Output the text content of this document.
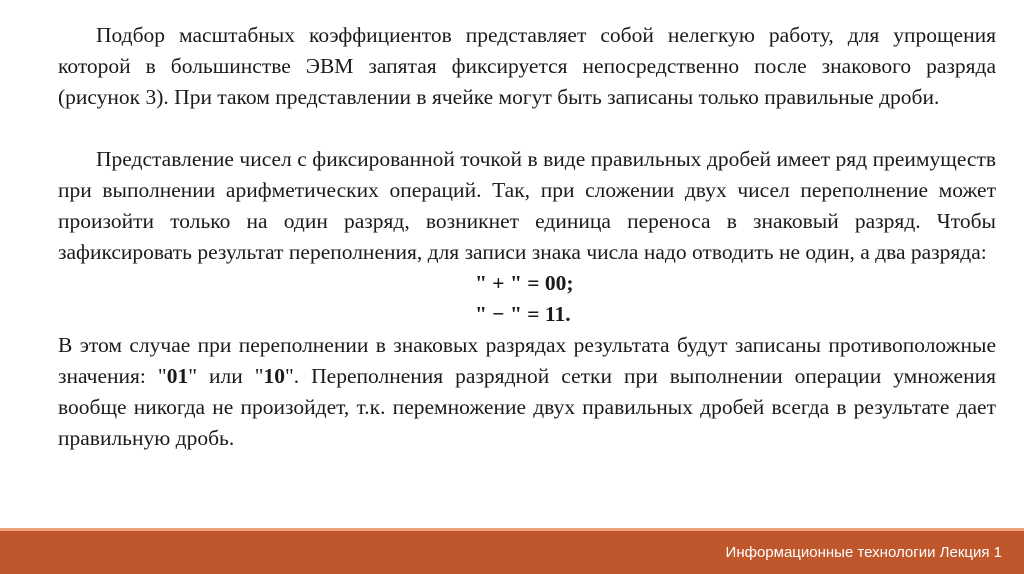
Подбор масштабных коэффициентов представляет собой нелегкую работу, для упрощения которой в большинстве ЭВМ запятая фиксируется непосредственно после знакового разряда (рисунок 3). При таком представлении в ячейке могут быть записаны только правильные дроби.

Представление чисел с фиксированной точкой в виде правильных дробей имеет ряд преимуществ при выполнении арифметических операций. Так, при сложении двух чисел переполнение может произойти только на один разряд, возникнет единица переноса в знаковый разряд. Чтобы зафиксировать результат переполнения, для записи знака числа надо отводить не один, а два разряда:

" + " = 00;

" − " = 11.

В этом случае при переполнении в знаковых разрядах результата будут записаны противоположные значения: "01" или "10". Переполнения разрядной сетки при выполнении операции умножения вообще никогда не произойдет, т.к. перемножение двух правильных дробей всегда в результате дает правильную дробь.

Информационные технологии Лекция 1
